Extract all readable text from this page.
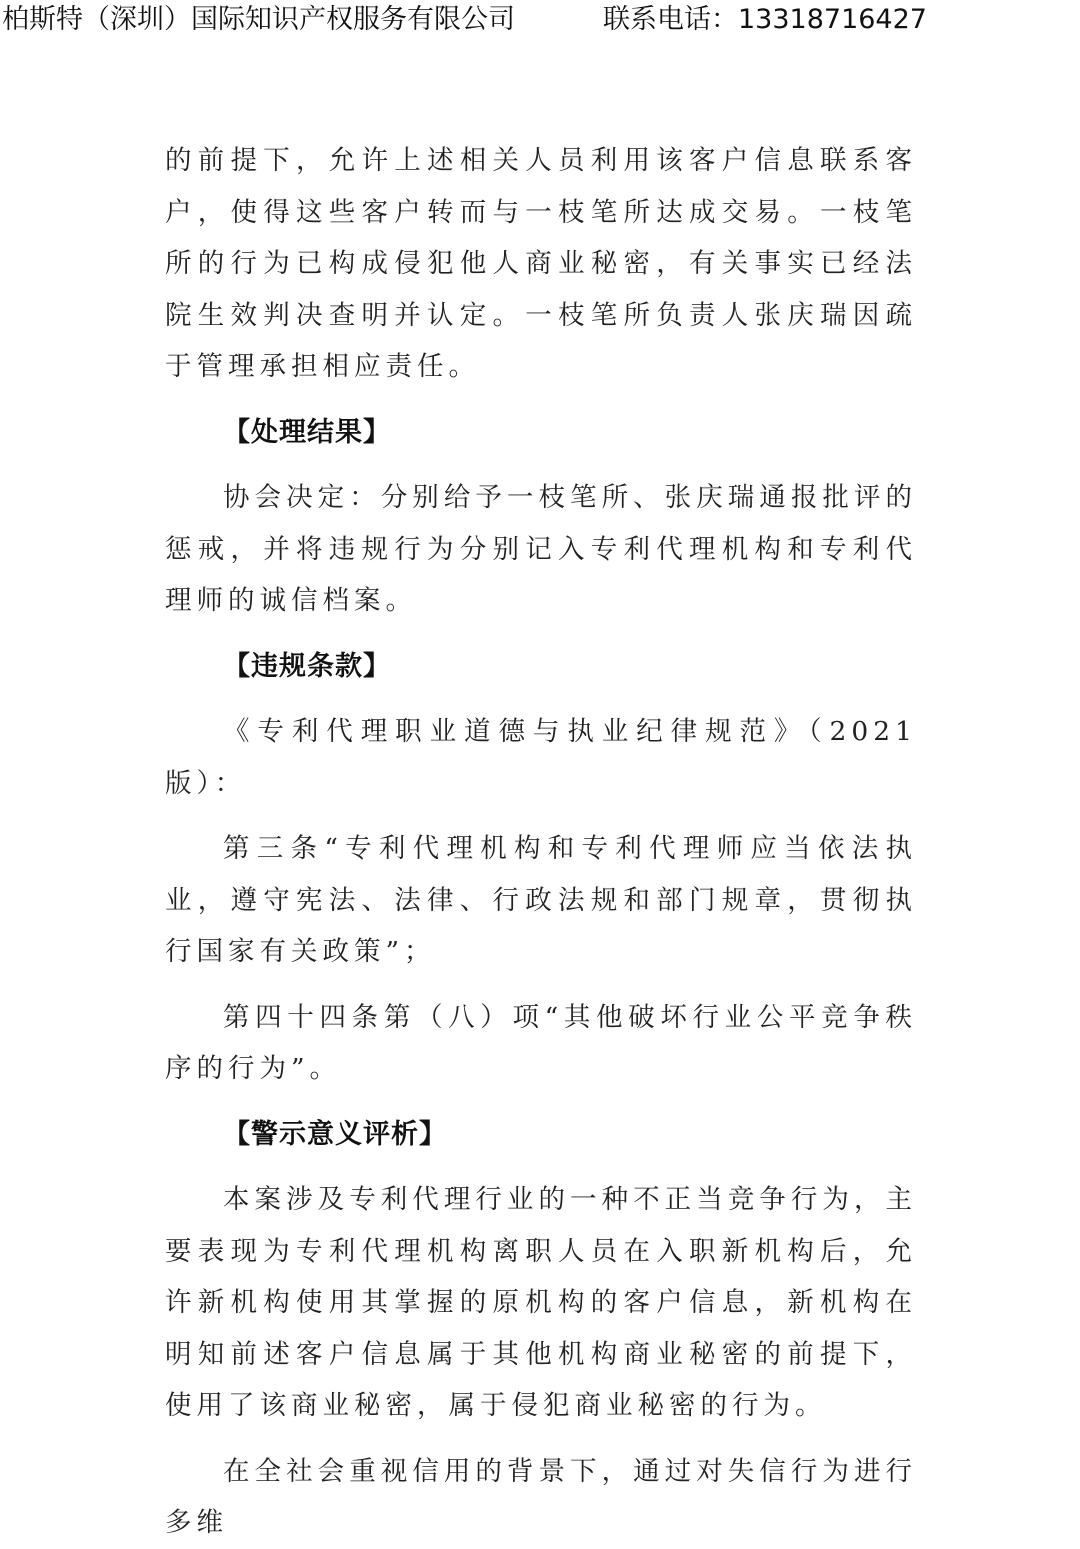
柏斯特（深圳）国际知识产权服务有限公司	联系电话：13318716427

的前提下，允许上述相关人员利用该客户信息联系客户，使得这些客户转而与一枝笔所达成交易。一枝笔所的行为已构成侵犯他人商业秘密，有关事实已经法院生效判决查明并认定。一枝笔所负责人张庆瑞因疏于管理承担相应责任。

【处理结果】

协会决定：分别给予一枝笔所、张庆瑞通报批评的惩戒，并将违规行为分别记入专利代理机构和专利代理师的诚信档案。

【违规条款】

《专利代理职业道德与执业纪律规范》（2021 版）：

第三条“专利代理机构和专利代理师应当依法执业，遵守宪法、法律、行政法规和部门规章，贯彻执行国家有关政策”；

第四十四条第（八）项“其他破坏行业公平竞争秩序的行为”。

【警示意义评析】

本案涉及专利代理行业的一种不正当竞争行为，主要表现为专利代理机构离职人员在入职新机构后，允许新机构使用其掌握的原机构的客户信息，新机构在明知前述客户信息属于其他机构商业秘密的前提下，使用了该商业秘密，属于侵犯商业秘密的行为。

在全社会重视信用的背景下，通过对失信行为进行多维
